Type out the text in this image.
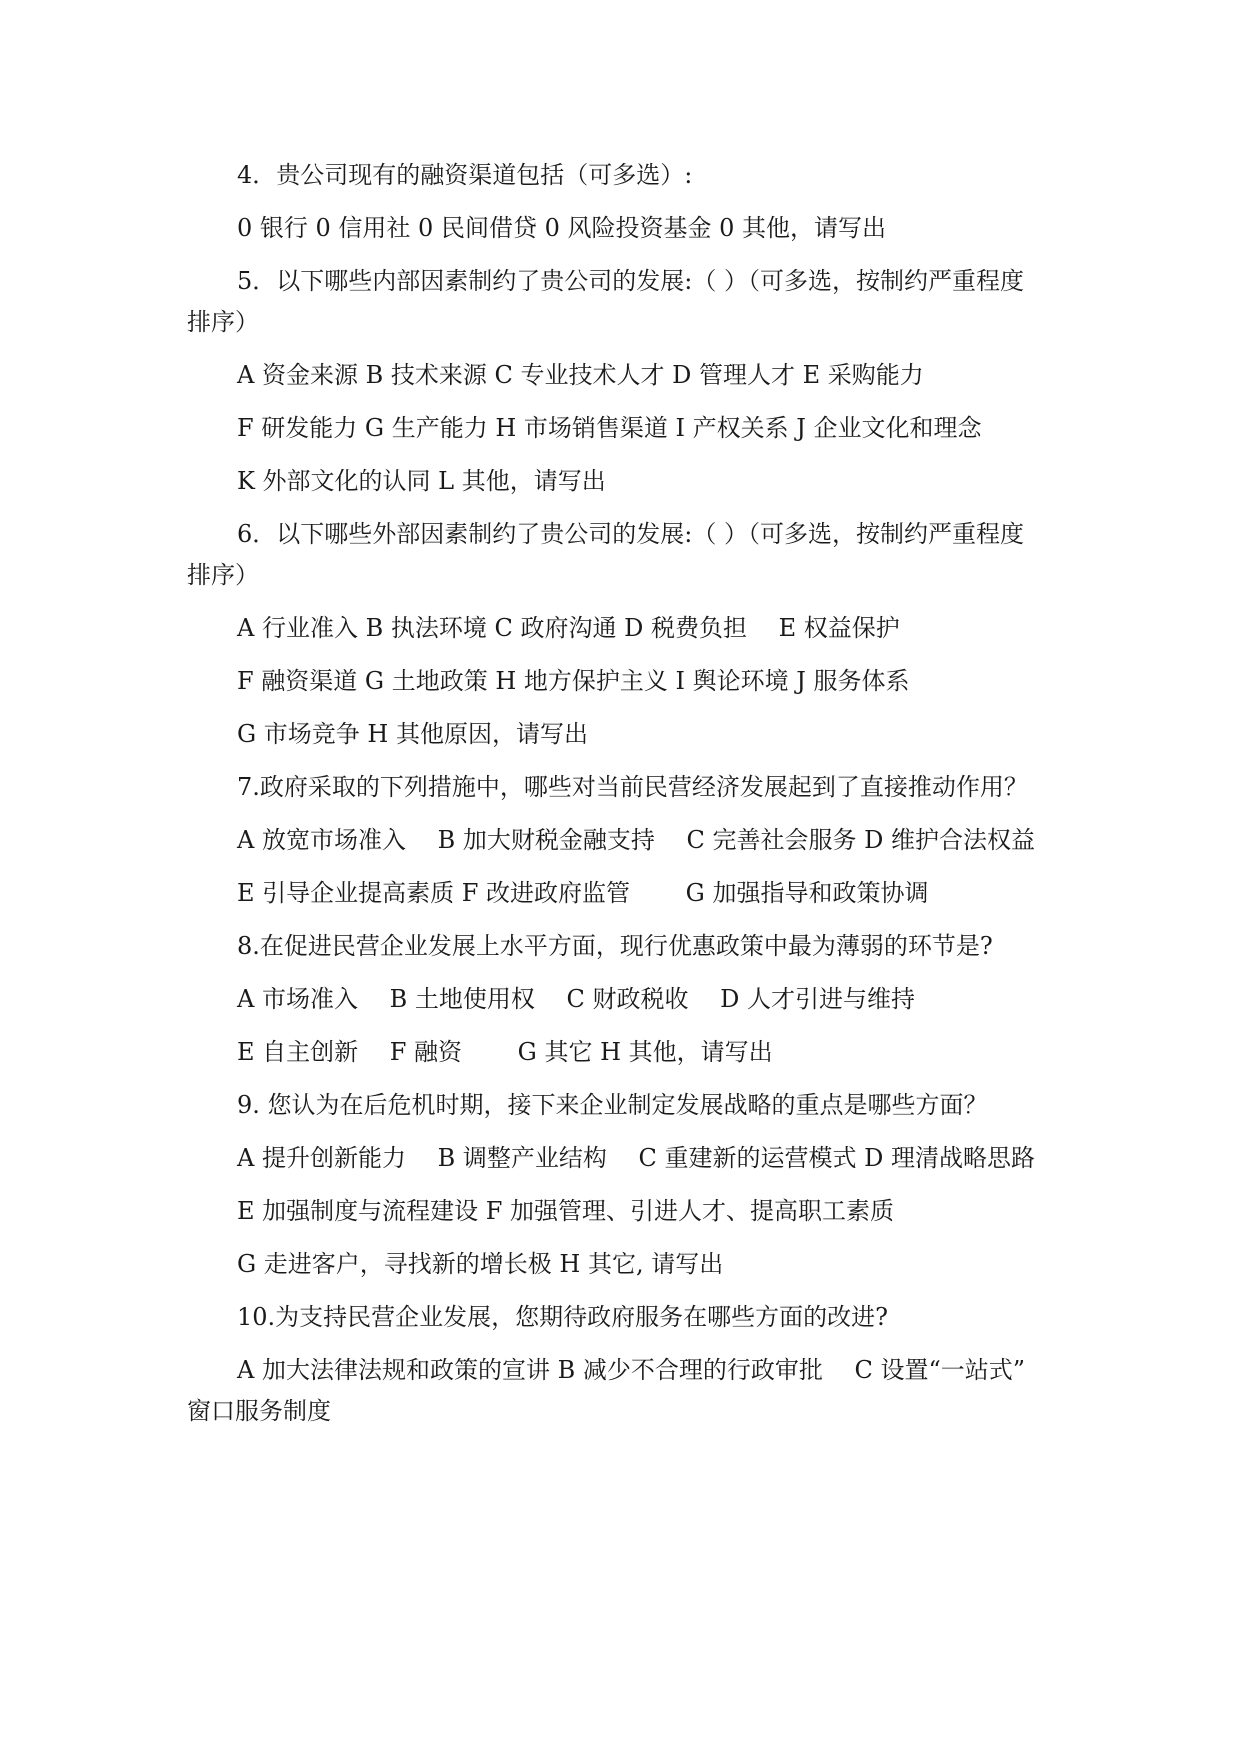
4．贵公司现有的融资渠道包括（可多选）:

0 银行 0 信用社 0 民间借贷 0 风险投资基金 0 其他，请写出

5．以下哪些内部因素制约了贵公司的发展:（ ）（可多选，按制约严重程度

排序）

A 资金来源 B 技术来源 C 专业技术人才 D 管理人才 E 采购能力

F 研发能力 G 生产能力 H 市场销售渠道 I 产权关系 J 企业文化和理念

K 外部文化的认同 L 其他，请写出

6．以下哪些外部因素制约了贵公司的发展:（ ）（可多选，按制约严重程度

排序）

A 行业准入 B 执法环境 C 政府沟通 D 税费负担 　E 权益保护

F 融资渠道 G 土地政策 H 地方保护主义 I 舆论环境 J 服务体系

G 市场竞争 H 其他原因，请写出

7.政府采取的下列措施中，哪些对当前民营经济发展起到了直接推动作用？

A 放宽市场准入 　B 加大财税金融支持 　C 完善社会服务 D 维护合法权益

E 引导企业提高素质 F 改进政府监管 　　G 加强指导和政策协调

8.在促进民营企业发展上水平方面，现行优惠政策中最为薄弱的环节是?

A 市场准入 　B 土地使用权 　C 财政税收 　D 人才引进与维持

E 自主创新 　F 融资 　　G 其它 H 其他，请写出

9. 您认为在后危机时期，接下来企业制定发展战略的重点是哪些方面？

A 提升创新能力 　B 调整产业结构 　C 重建新的运营模式 D 理清战略思路

E 加强制度与流程建设 F 加强管理、引进人才、提高职工素质

G 走进客户，寻找新的增长极 H 其它, 请写出

10.为支持民营企业发展，您期待政府服务在哪些方面的改进?

A 加大法律法规和政策的宣讲 B 减少不合理的行政审批 　C 设置“一站式”

窗口服务制度
